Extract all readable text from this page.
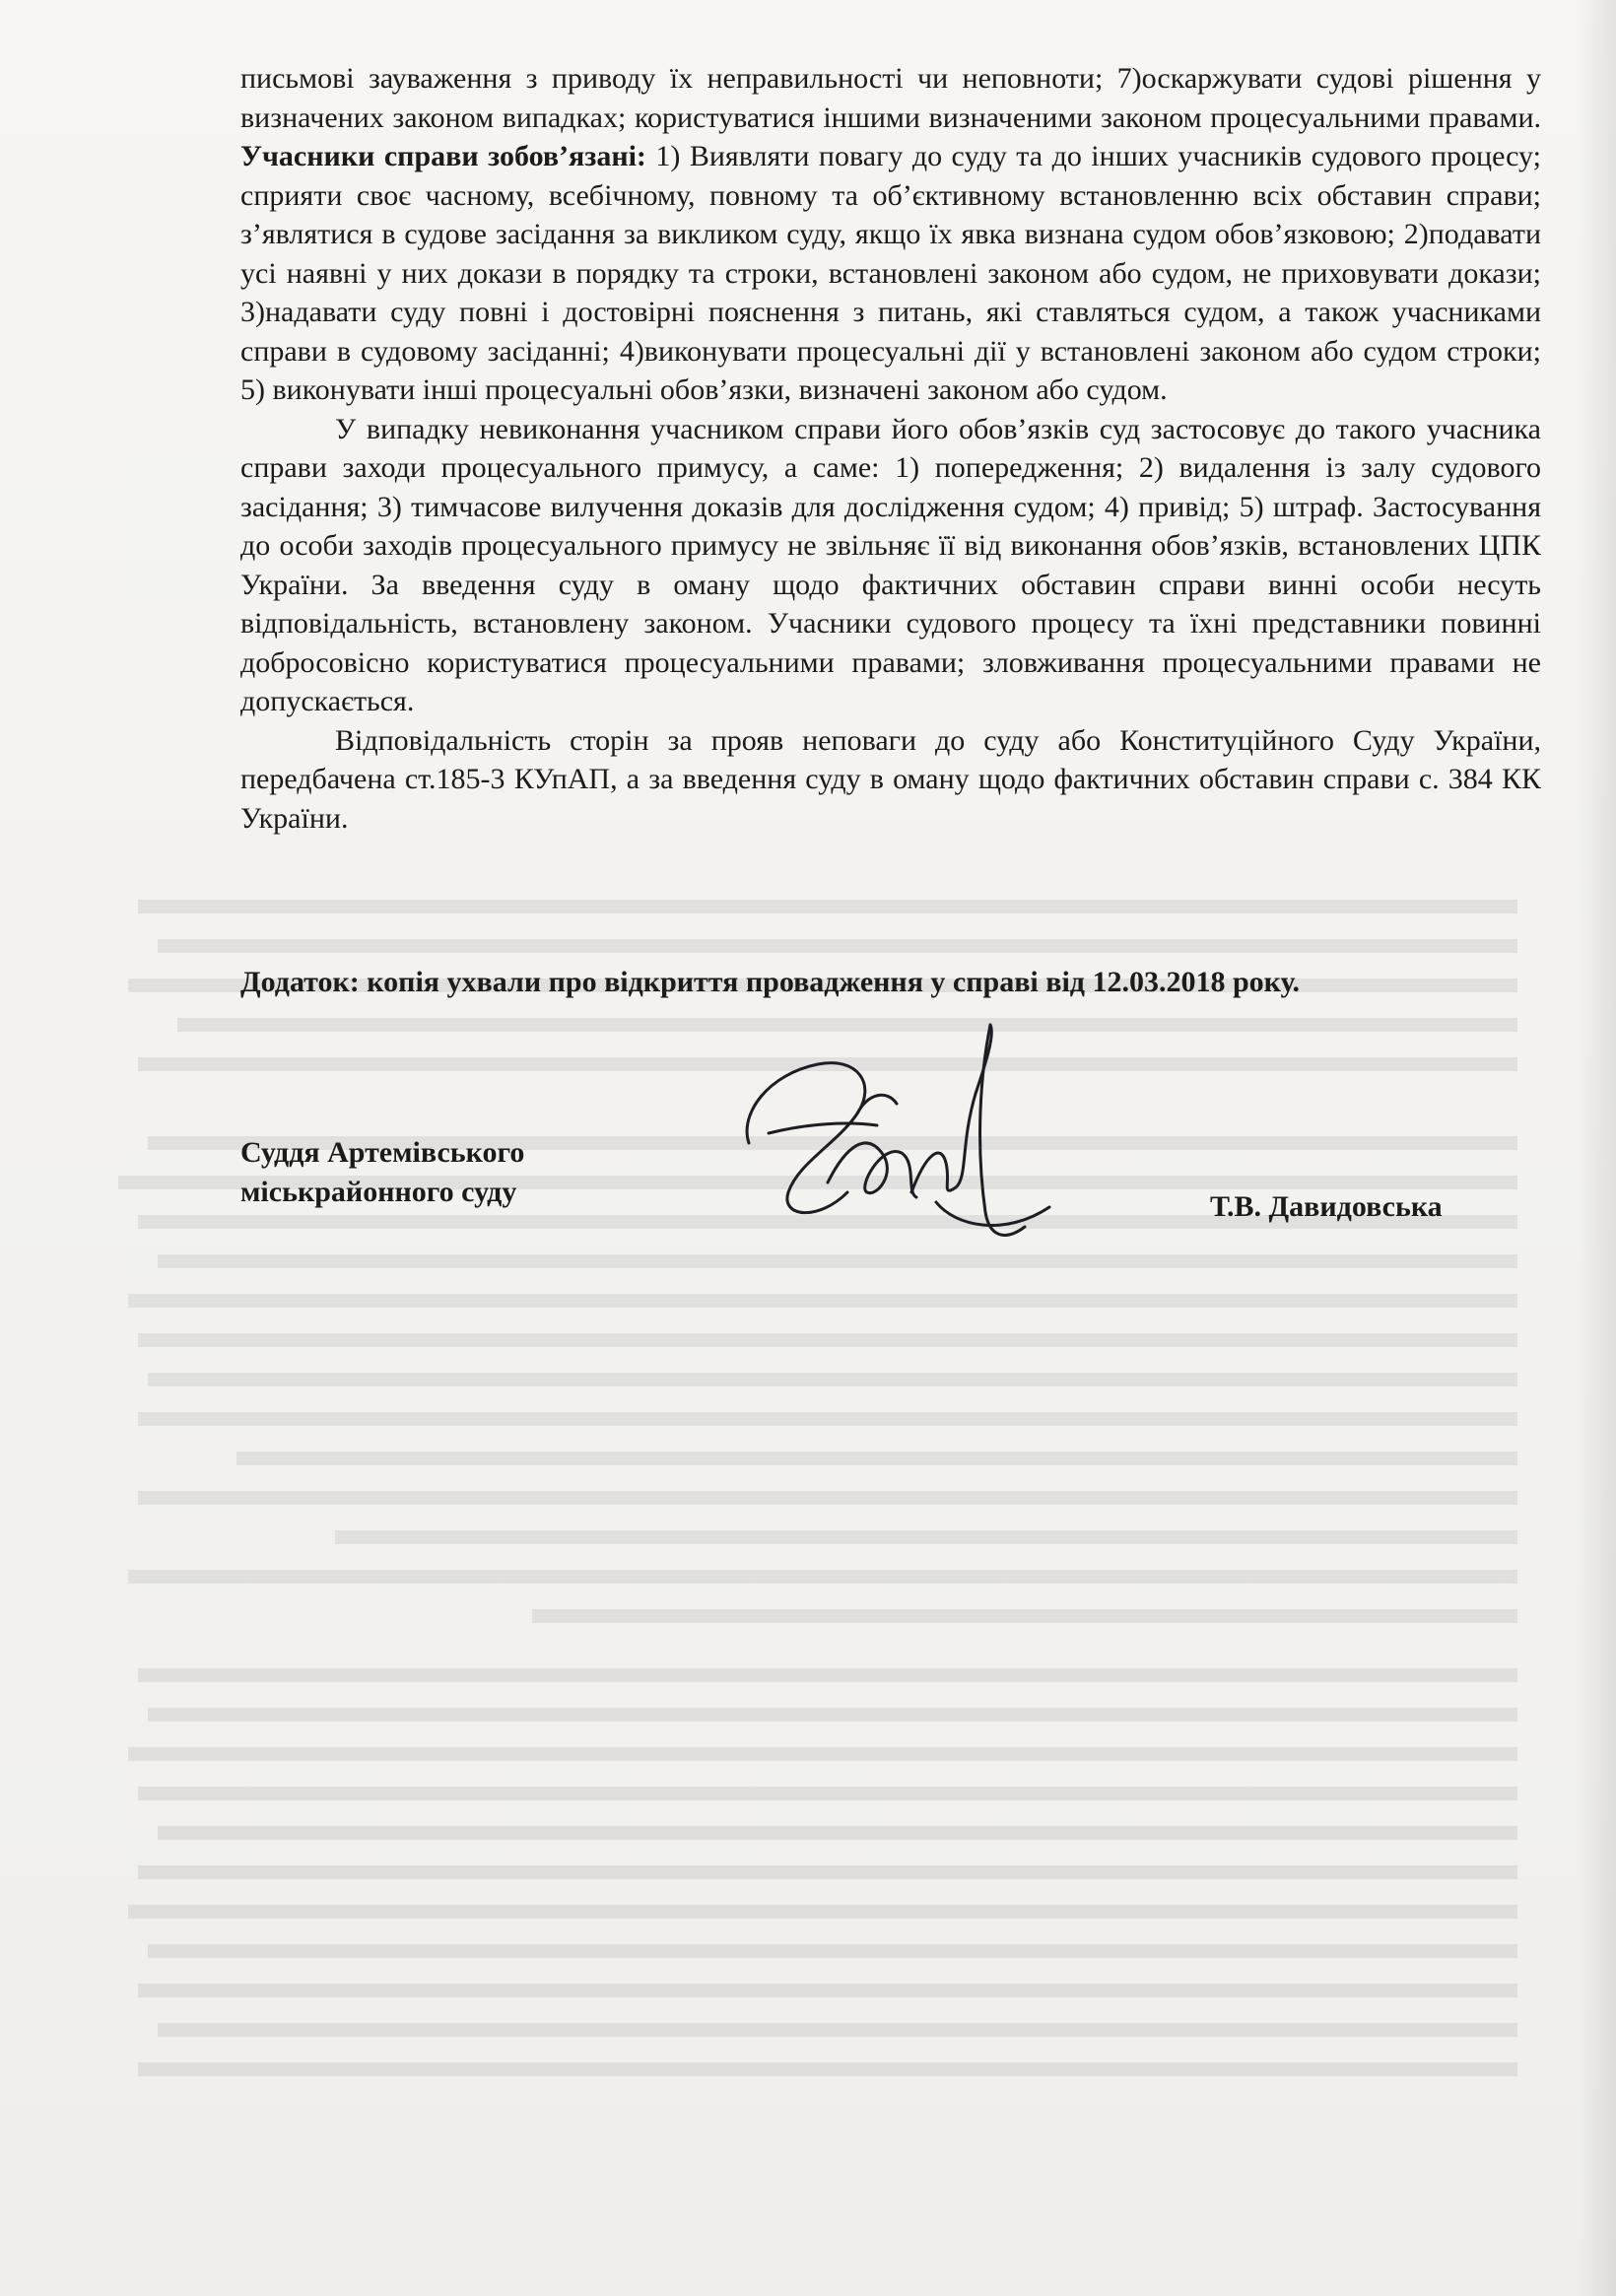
письмові зауваження з приводу їх неправильності чи неповноти; 7)оскаржувати судові рішення у визначених законом випадках; користуватися іншими визначеними законом процесуальними правами. Учасники справи зобов’язані: 1) Виявляти повагу до суду та до інших учасників судового процесу; сприяти своє часному, всебічному, повному та об’єктивному встановленню всіх обставин справи; з’являтися в судове засідання за викликом суду, якщо їх явка визнана судом обов’язковою; 2)подавати усі наявні у них докази в порядку та строки, встановлені законом або судом, не приховувати докази; 3)надавати суду повні і достовірні пояснення з питань, які ставляться судом, а також учасниками справи в судовому засіданні; 4)виконувати процесуальні дії у встановлені законом або судом строки; 5) виконувати інші процесуальні обов’язки, визначені законом або судом.

У випадку невиконання учасником справи його обов’язків суд застосовує до такого учасника справи заходи процесуального примусу, а саме: 1) попередження; 2) видалення із залу судового засідання; 3) тимчасове вилучення доказів для дослідження судом; 4) привід; 5) штраф. Застосування до особи заходів процесуального примусу не звільняє її від виконання обов’язків, встановлених ЦПК України. За введення суду в оману щодо фактичних обставин справи винні особи несуть відповідальність, встановлену законом. Учасники судового процесу та їхні представники повинні добросовісно користуватися процесуальними правами; зловживання процесуальними правами не допускається.

Відповідальність сторін за прояв неповаги до суду або Конституційного Суду України, передбачена ст.185-3 КУпАП, а за введення суду в оману щодо фактичних обставин справи с. 384 КК України.

Додаток: копія ухвали про відкриття провадження у справі від 12.03.2018 року.
Суддя Артемівського
міськрайонного суду	Т.В. Давидовська
